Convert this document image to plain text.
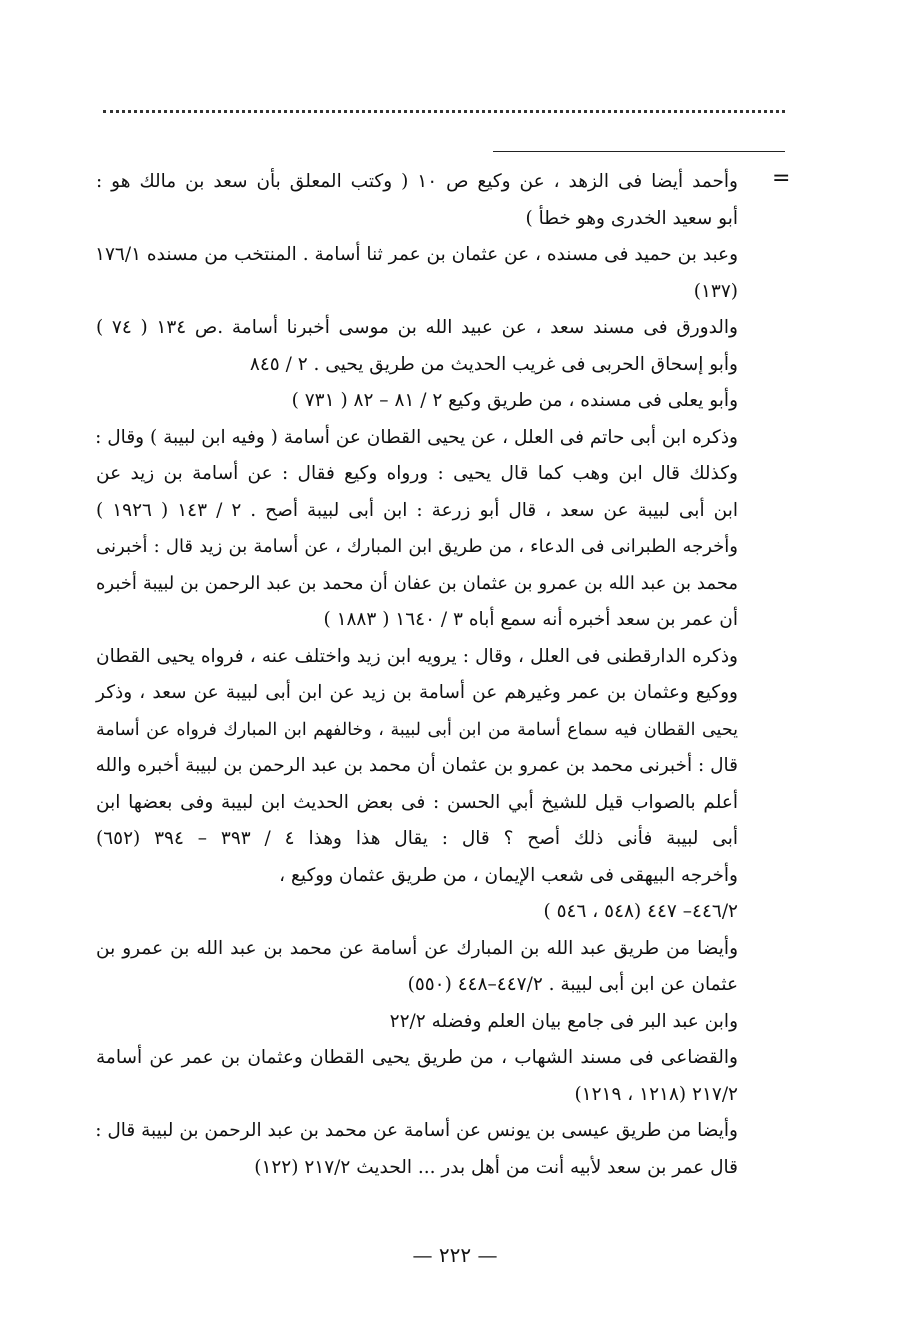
=
وأحمد أيضا فى الزهد ، عن وكيع ص ١٠ ( وكتب المعلق بأن سعد بن مالك هو :
أبو سعيد الخدرى وهو خطأ )
وعبد بن حميد فى مسنده ، عن عثمان بن عمر ثنا أسامة . المنتخب من مسنده ١٧٦/١
(١٣٧)
والدورق فى مسند سعد ، عن عبيد الله بن موسى أخبرنا أسامة .ص ١٣٤ ( ٧٤ )
وأبو إسحاق الحربى فى غريب الحديث من طريق يحيى . ٢ / ٨٤٥
وأبو يعلى فى مسنده ، من طريق وكيع ٢ / ٨١ – ٨٢ ( ٧٣١ )
وذكره ابن أبى حاتم فى العلل ، عن يحيى القطان عن أسامة ( وفيه ابن لبيبة ) وقال :
وكذلك قال ابن وهب كما قال يحيى : ورواه وكيع فقال : عن أسامة بن زيد عن
ابن أبى لبيبة عن سعد ، قال أبو زرعة : ابن أبى لبيبة أصح . ٢ / ١٤٣ ( ١٩٢٦ )
وأخرجه الطبرانى فى الدعاء ، من طريق ابن المبارك ، عن أسامة بن زيد قال : أخبرنى
محمد بن عبد الله بن عمرو بن عثمان بن عفان أن محمد بن عبد الرحمن بن لبيبة أخبره
أن عمر بن سعد أخبره أنه سمع أباه ٣ / ١٦٤٠ ( ١٨٨٣ )
وذكره الدارقطنى فى العلل ، وقال : يرويه ابن زيد واختلف عنه ، فرواه يحيى القطان
ووكيع وعثمان بن عمر وغيرهم عن أسامة بن زيد عن ابن أبى لبيبة عن سعد ، وذكر
يحيى القطان فيه سماع أسامة من ابن أبى لبيبة ، وخالفهم ابن المبارك فرواه عن أسامة
قال : أخبرنى محمد بن عمرو بن عثمان أن محمد بن عبد الرحمن بن لبيبة أخبره والله
أعلم بالصواب قيل للشيخ أبي الحسن : فى بعض الحديث ابن لبيبة وفى بعضها ابن
أبى لبيبة فأنى ذلك أصح ؟ قال : يقال هذا وهذا ٤ / ٣٩٣ – ٣٩٤ (٦٥٢)
وأخرجه البيهقى فى شعب الإيمان ، من طريق عثمان ووكيع ،
٤٤٦/٢– ٤٤٧ (٥٤٨ ، ٥٤٦ )
وأيضا من طريق عبد الله بن المبارك عن أسامة عن محمد بن عبد الله بن عمرو بن
عثمان عن ابن أبى لبيبة . ٤٤٧/٢–٤٤٨ (٥٥٠)
وابن عبد البر فى جامع بيان العلم وفضله ٢٢/٢
والقضاعى فى مسند الشهاب ، من طريق يحيى القطان وعثمان بن عمر عن أسامة
٢١٧/٢ (١٢١٨ ، ١٢١٩)
وأيضا من طريق عيسى بن يونس عن أسامة عن محمد بن عبد الرحمن بن لبيبة قال :
قال عمر بن سعد لأبيه أنت من أهل بدر ... الحديث ٢١٧/٢ (١٢٢)
— ٢٢٢ —
